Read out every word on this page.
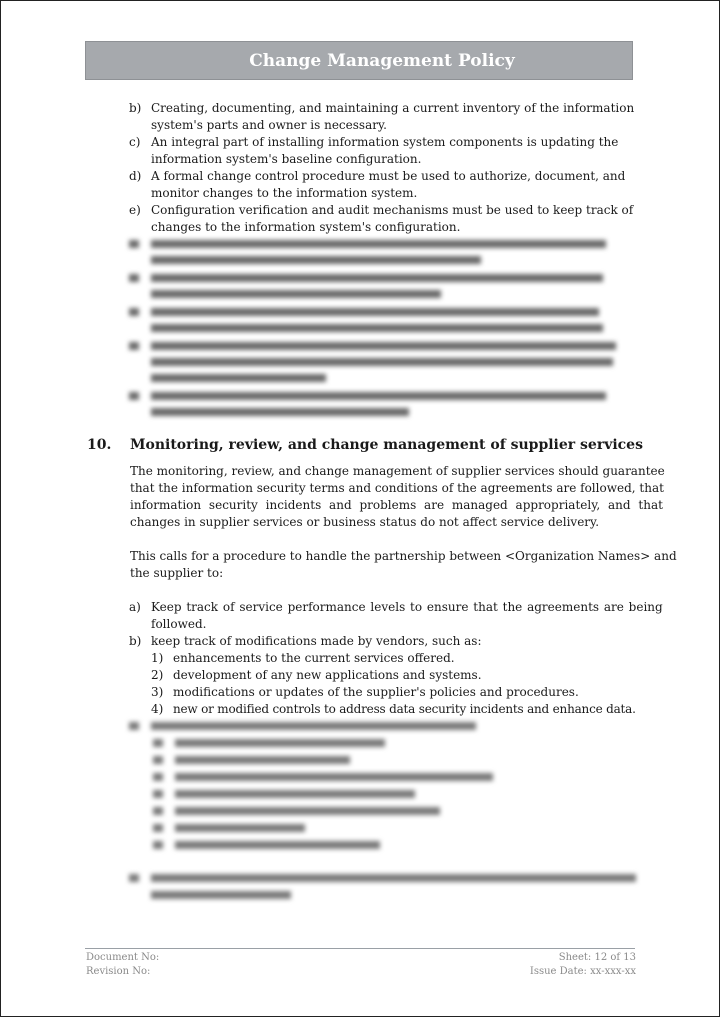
Change Management Policy
b) Creating, documenting, and maintaining a current inventory of the information
system's parts and owner is necessary.
c) An integral part of installing information system components is updating the
information system's baseline configuration.
d) A formal change control procedure must be used to authorize, document, and
monitor changes to the information system.
e) Configuration verification and audit mechanisms must be used to keep track of
changes to the information system's configuration.
10. Monitoring, review, and change management of supplier services
The monitoring, review, and change management of supplier services should guarantee
that the information security terms and conditions of the agreements are followed, that
information security incidents and problems are managed appropriately, and that
changes in supplier services or business status do not affect service delivery.
This calls for a procedure to handle the partnership between <Organization Names> and
the supplier to:
a) Keep track of service performance levels to ensure that the agreements are being
followed.
b) keep track of modifications made by vendors, such as:
1) enhancements to the current services offered.
2) development of any new applications and systems.
3) modifications or updates of the supplier's policies and procedures.
4) new or modified controls to address data security incidents and enhance data.
Document No:
Revision No:
Sheet: 12 of 13
Issue Date: xx-xxx-xx
